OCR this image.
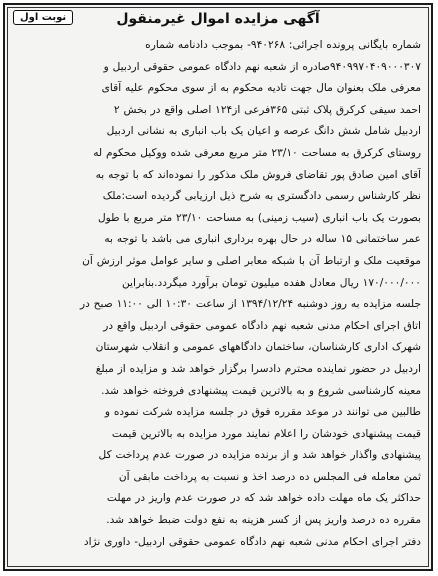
نوبت اول	آگهی مزایده اموال غیرمنقول
شماره بایگانی پرونده اجرائی: ۹۴۰۲۶۸- بموجب دادنامه شماره
۹۴۰۹۹۷۰۴۰۹۰۰۰۳۰۷صادره از شعبه نهم دادگاه عمومی حقوقی اردبیل و
معرفی ملک بعنوان مال جهت تادیه محکوم به از سوی محکوم علیه آقای
احمد سیفی کرکرق پلاک ثبتی ۳۶۵فرعی از۱۲۴ اصلی واقع در بخش ۲
اردبیل شامل شش دانگ عرصه و اعیان یک باب انباری به نشانی اردبیل
روستای کرکرق به مساحت ۲۳/۱۰ متر مربع معرفی شده ووکیل محکوم له
آقای امین صادق پور تقاضای فروش ملک مذکور را نموده‌اند که با توجه به
نظر کارشناس رسمی دادگستری به شرح ذیل ارزیابی گردیده است:ملک
بصورت یک باب انباری (سیب زمینی) به مساحت ۲۳/۱۰ متر مربع با طول
عمر ساختمانی ۱۵ ساله در حال بهره برداری انباری می باشد با توجه به
موقعیت ملک و ارتباط آن با شبکه معابر اصلی و سایر عوامل موثر ارزش آن
۱۷۰/۰۰۰/۰۰۰ ریال معادل هفده میلیون تومان برآورد میگردد.بنابراین
جلسه مزایده به روز دوشنبه ۱۳۹۴/۱۲/۲۴ از ساعت ۱۰:۳۰ الی ۱۱:۰۰ صبح در
اتاق اجرای احکام مدنی شعبه نهم دادگاه عمومی حقوقی اردبیل واقع در
شهرک اداری کارشناسان، ساختمان دادگاههای عمومی و انقلاب شهرستان
اردبیل در حضور نماینده محترم دادسرا برگزار خواهد شد و مزایده از مبلغ
معینه کارشناسی شروع و به بالاترین قیمت پیشنهادی فروخته خواهد شد.
طالبین می توانند در موعد مقرره فوق در جلسه مزایده شرکت نموده و
قیمت پیشنهادی خودشان را اعلام نمایند مورد مزایده به بالاترین قیمت
پیشنهادی واگذار خواهد شد و از برنده مزایده در صورت عدم پرداخت کل
ثمن معامله فی المجلس ده درصد اخذ و نسبت به پرداخت مابقی آن
حداکثر یک ماه مهلت داده خواهد شد که در صورت عدم واریز در مهلت
مقرره ده درصد واریز پس از کسر هزینه به نفع دولت ضبط خواهد شد.
دفتر اجرای احکام مدنی شعبه نهم دادگاه عمومی حقوقی اردبیل- داوری نژاد
